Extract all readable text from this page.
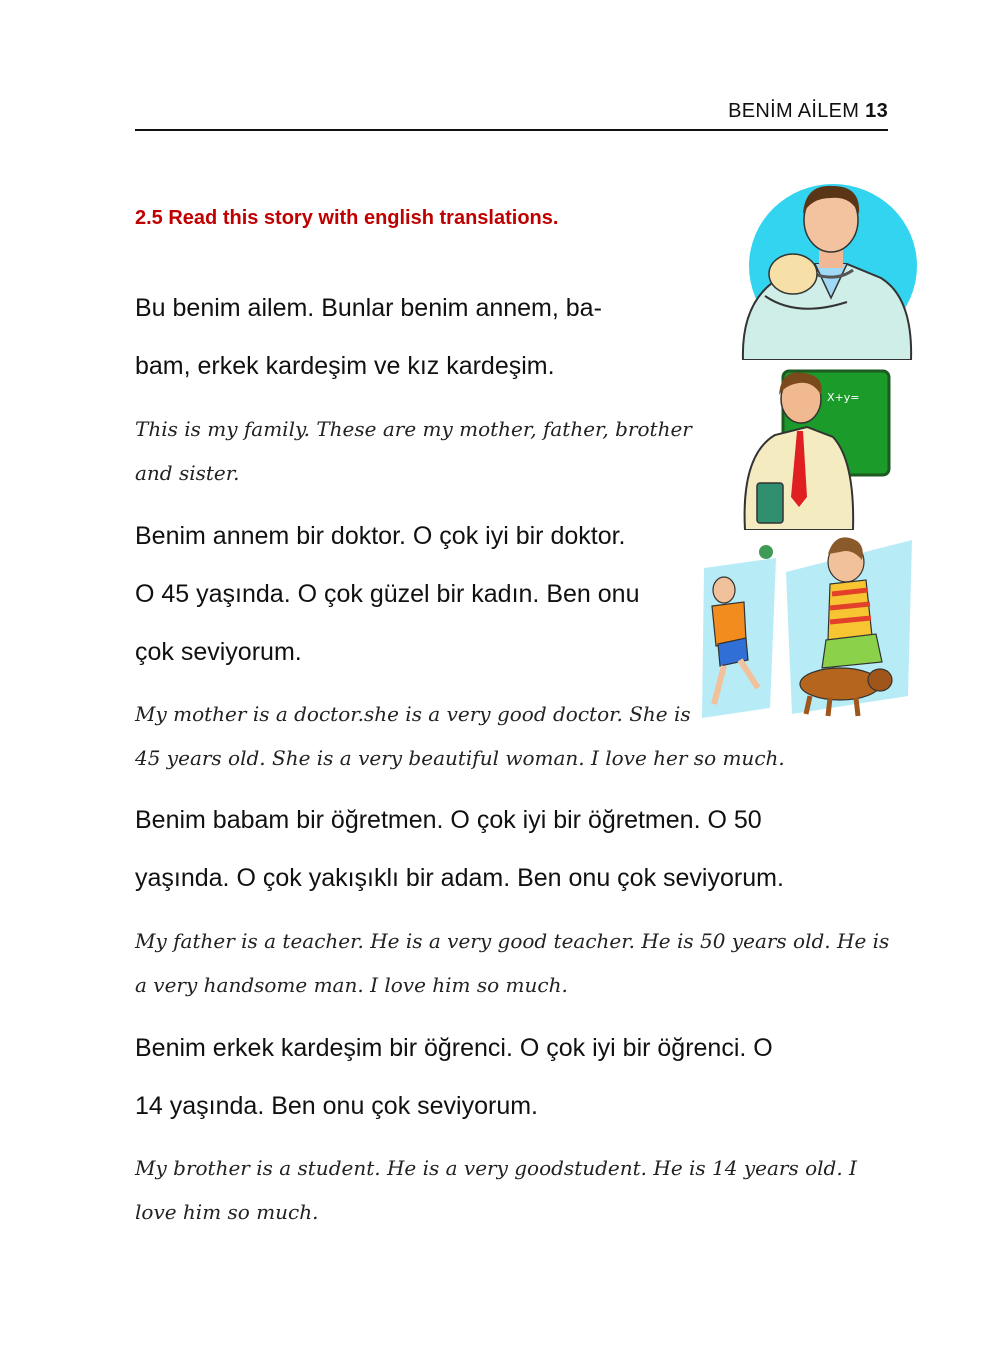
BENİM AİLEM 13
2.5 Read this story with english translations.
Bu benim ailem. Bunlar benim annem, ba-
bam, erkek kardeşim ve kız kardeşim.
This is my family. These are my mother, father, brother
and sister.
Benim annem bir doktor. O çok iyi bir doktor.
O 45 yaşında. O çok güzel bir kadın. Ben onu
çok seviyorum.
My mother is a doctor.she is a very good doctor. She is
45 years old. She is a very beautiful woman. I love her so much.
Benim babam bir öğretmen. O çok iyi bir öğretmen. O 50
yaşında. O çok yakışıklı bir adam. Ben onu çok seviyorum.
My father is a teacher. He is a very good teacher. He is 50 years old. He is
a very handsome man. I love him so much.
Benim erkek kardeşim bir öğrenci. O çok iyi bir öğrenci. O
14 yaşında. Ben onu çok seviyorum.
My brother is a student. He is a very goodstudent. He is 14 years old. I
love him so much.
X+y=
